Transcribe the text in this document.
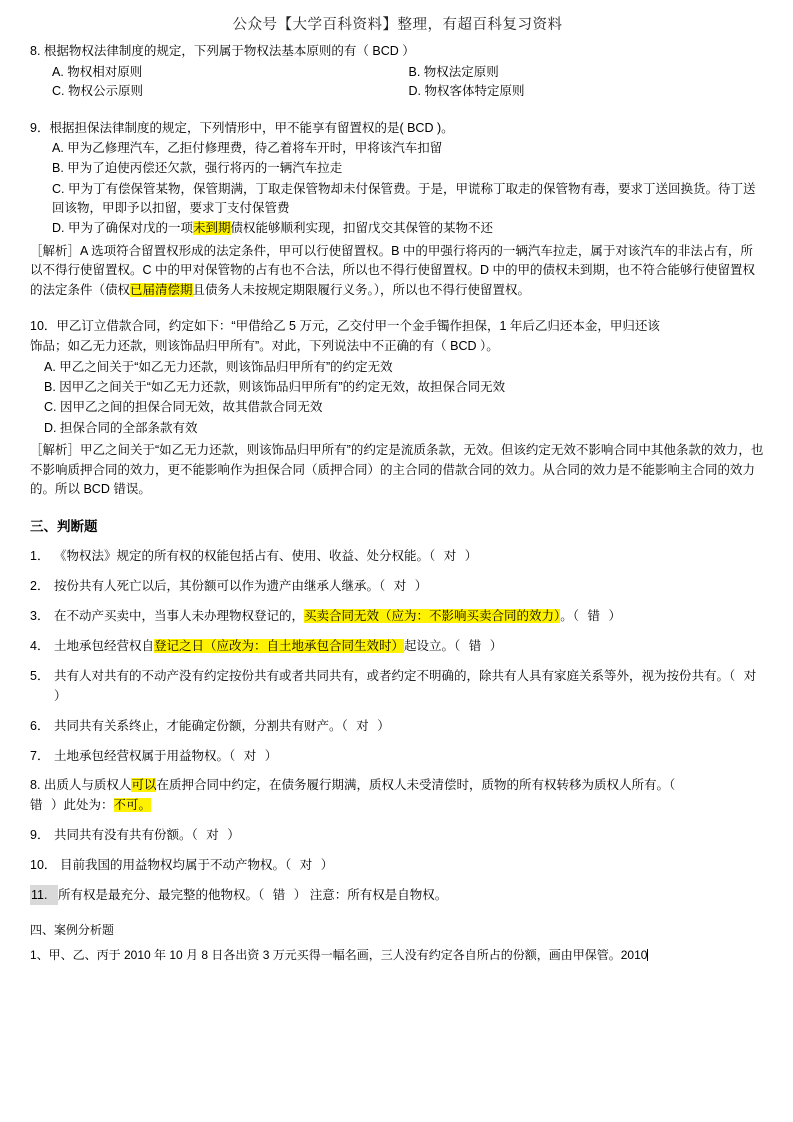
公众号【大学百科资料】整理，有超百科复习资料
8. 根据物权法律制度的规定，下列属于物权法基本原则的有（ BCD ）
A. 物权相对原则	B. 物权法定原则
C. 物权公示原则	D. 物权客体特定原则
9．根据担保法律制度的规定，下列情形中，甲不能享有留置权的是( BCD )。
A. 甲为乙修理汽车，乙拒付修理费，待乙着将车开时，甲将该汽车扣留
B. 甲为了迫使丙偿还欠款，强行将丙的一辆汽车拉走
C. 甲为丁有偿保管某物，保管期满，丁取走保管物却未付保管费。于是，甲谎称丁取走的保管物有毒，要求丁送回换货。待丁送回该物，甲即予以扣留，要求丁支付保管费
D. 甲为了确保对戊的一项未到期债权能够顺利实现，扣留戊交其保管的某物不还
［解析］A 选项符合留置权形成的法定条件，甲可以行使留置权。B 中的甲强行将丙的一辆汽车拉走，属于对该汽车的非法占有，所以不得行使留置权。C 中的甲对保管物的占有也不合法，所以也不得行使留置权。D 中的甲的债权未到期，也不符合能够行使留置权的法定条件（债权已届清偿期且债务人未按规定期限履行义务。），所以也不得行使留置权。
10．甲乙订立借款合同，约定如下：“甲借给乙 5 万元，乙交付甲一个金手镯作担保，1 年后乙归还本金，甲归还该
饰品；如乙无力还款，则该饰品归甲所有”。对此，下列说法中不正确的有（ BCD ）。
A. 甲乙之间关于“如乙无力还款，则该饰品归甲所有”的约定无效
B. 因甲乙之间关于“如乙无力还款，则该饰品归甲所有”的约定无效，故担保合同无效
C. 因甲乙之间的担保合同无效，故其借款合同无效
D. 担保合同的全部条款有效
［解析］甲乙之间关于“如乙无力还款，则该饰品归甲所有”的约定是流质条款，无效。但该约定无效不影响合同中其他条款的效力，也不影响质押合同的效力，更不能影响作为担保合同（质押合同）的主合同的借款合同的效力。从合同的效力是不能影响主合同的效力的。所以 BCD 错误。
三、判断题
1． 《物权法》规定的所有权的权能包括占有、使用、收益、处分权能。（ 对 ）
2． 按份共有人死亡以后，其份额可以作为遗产由继承人继承。（ 对 ）
3． 在不动产买卖中，当事人未办理物权登记的，买卖合同无效（应为：不影响买卖合同的效力）。（ 错 ）
4． 土地承包经营权自登记之日（应改为：自土地承包合同生效时）起设立。（ 错 ）
5． 共有人对共有的不动产没有约定按份共有或者共同共有，或者约定不明确的，除共有人具有家庭关系等外，视为按份共有。（ 对 ）
6． 共同共有关系终止，才能确定份额，分割共有财产。（ 对 ）
7． 土地承包经营权属于用益物权。（ 对 ）
8. 出质人与质权人可以在质押合同中约定，在债务履行期满，质权人未受清偿时，质物的所有权转移为质权人所有。（
错 ）此处为：不可。
9． 共同共有没有共有份额。（ 对 ）
10． 目前我国的用益物权均属于不动产物权。（ 对 ）
11. 所有权是最充分、最完整的他物权。（ 错 ） 注意：所有权是自物权。
四、案例分析题
1、甲、乙、丙于 2010 年 10 月 8 日各出资 3 万元买得一幅名画，三人没有约定各自所占的份额，画由甲保管。2010
